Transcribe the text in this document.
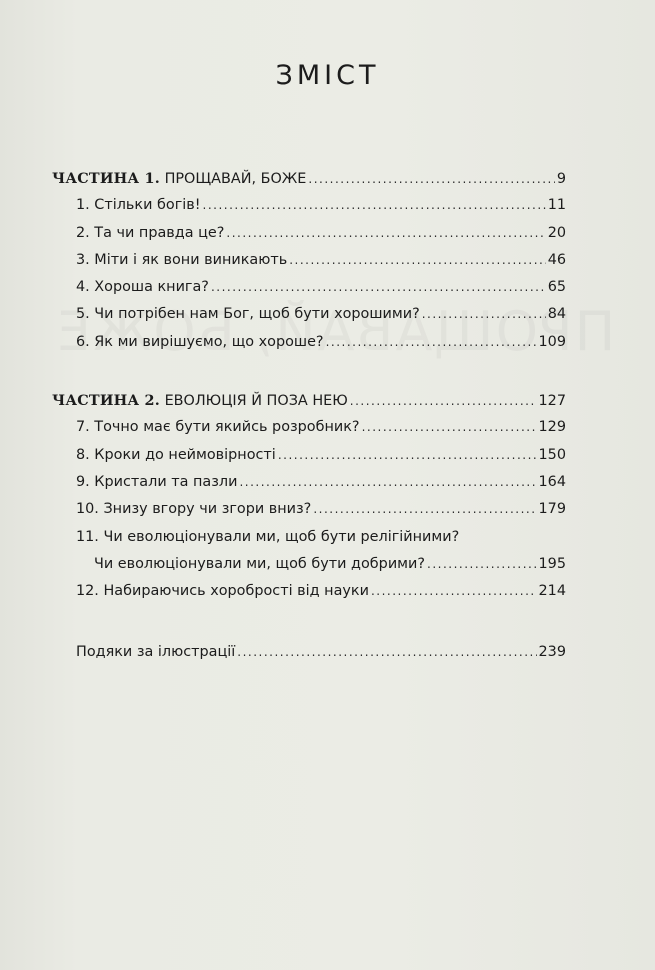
ЗМІСТ
ЧАСТИНА 1. ПРОЩАВАЙ, БОЖЕ .....	9
1. Стільки богів! .....	11
2. Та чи правда це? .....	20
3. Міти і як вони виникають .....	46
4. Хороша книга? .....	65
5. Чи потрібен нам Бог, щоб бути хорошими? .....	84
6. Як ми вирішуємо, що хороше? .....	109
ЧАСТИНА 2. ЕВОЛЮЦІЯ Й ПОЗА НЕЮ .....	127
7. Точно має бути якийсь розробник? .....	129
8. Кроки до неймовірності .....	150
9. Кристали та пазли .....	164
10. Знизу вгору чи згори вниз? .....	179
11. Чи еволюціонували ми, щоб бути релігійними?
Чи еволюціонували ми, щоб бути добрими? .....	195
12. Набираючись хоробрості від науки .....	214
Подяки за ілюстрації .....	239
